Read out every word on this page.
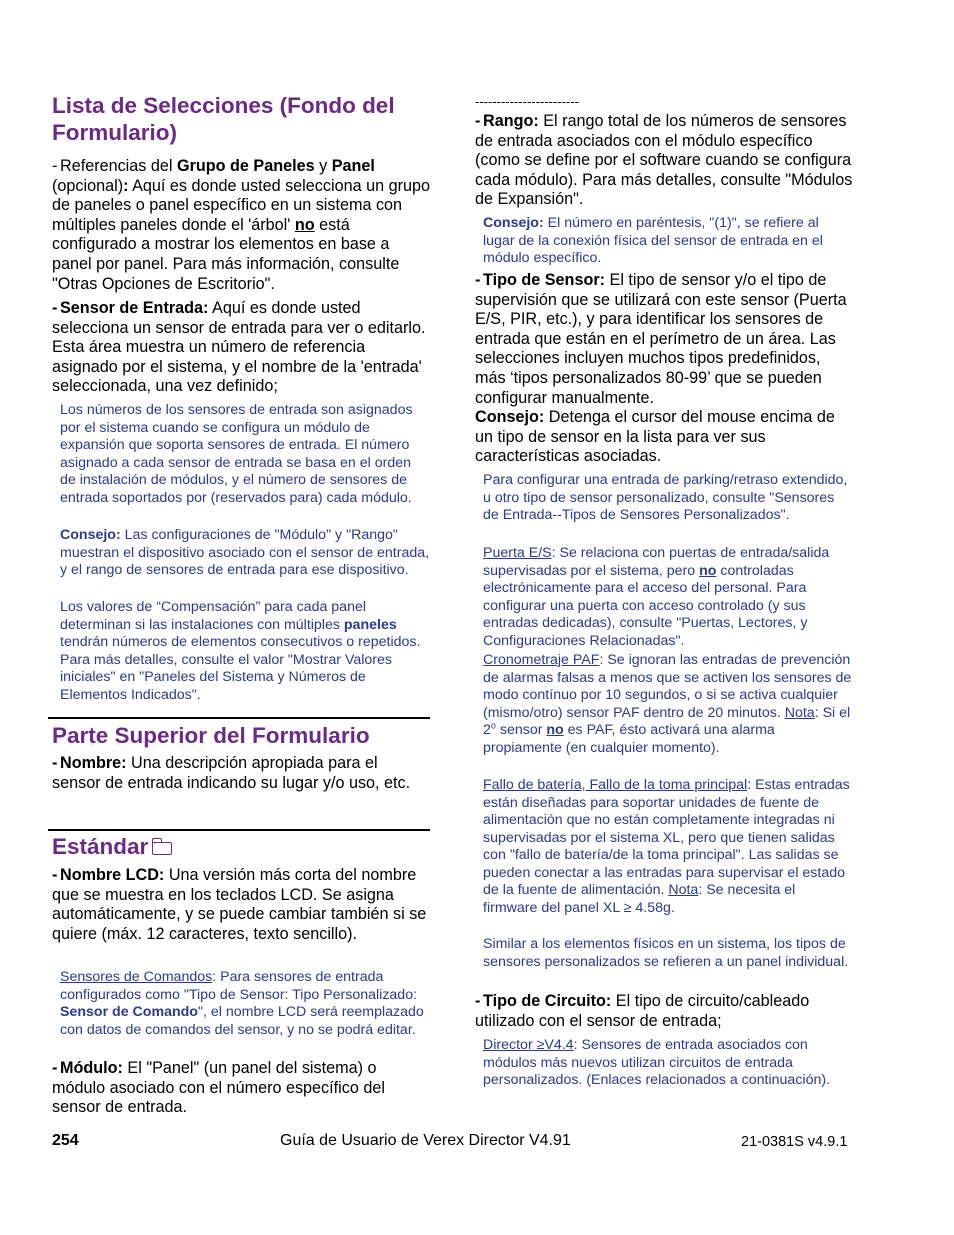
Lista de Selecciones (Fondo del Formulario)

- Referencias del Grupo de Paneles y Panel (opcional): Aquí es donde usted selecciona un grupo de paneles o panel específico en un sistema con múltiples paneles donde el 'árbol' no está configurado a mostrar los elementos en base a panel por panel. Para más información, consulte "Otras Opciones de Escritorio".

- Sensor de Entrada: Aquí es donde usted selecciona un sensor de entrada para ver o editarlo. Esta área muestra un número de referencia asignado por el sistema, y el nombre de la 'entrada' seleccionada, una vez definido;

Los números de los sensores de entrada son asignados por el sistema cuando se configura un módulo de expansión que soporta sensores de entrada. El número asignado a cada sensor de entrada se basa en el orden de instalación de módulos, y el número de sensores de entrada soportados por (reservados para) cada módulo.

Consejo: Las configuraciones de "Módulo" y "Rango" muestran el dispositivo asociado con el sensor de entrada, y el rango de sensores de entrada para ese dispositivo.

Los valores de “Compensación” para cada panel determinan si las instalaciones con múltiples paneles tendrán números de elementos consecutivos o repetidos. Para más detalles, consulte el valor "Mostrar Valores iniciales" en "Paneles del Sistema y Números de Elementos Indicados".

Parte Superior del Formulario

- Nombre: Una descripción apropiada para el sensor de entrada indicando su lugar y/o uso, etc.

Estándar

- Nombre LCD: Una versión más corta del nombre que se muestra en los teclados LCD. Se asigna automáticamente, y se puede cambiar también si se quiere (máx. 12 caracteres, texto sencillo).

Sensores de Comandos: Para sensores de entrada configurados como "Tipo de Sensor: Tipo Personalizado: Sensor de Comando", el nombre LCD será reemplazado con datos de comandos del sensor, y no se podrá editar.

- Módulo: El "Panel" (un panel del sistema) o módulo asociado con el número específico del sensor de entrada.

------------------------

- Rango: El rango total de los números de sensores de entrada asociados con el módulo específico (como se define por el software cuando se configura cada módulo). Para más detalles, consulte "Módulos de Expansión".

Consejo: El número en paréntesis, "(1)", se refiere al lugar de la conexión física del sensor de entrada en el módulo específico.

- Tipo de Sensor: El tipo de sensor y/o el tipo de supervisión que se utilizará con este sensor (Puerta E/S, PIR, etc.), y para identificar los sensores de entrada que están en el perímetro de un área. Las selecciones incluyen muchos tipos predefinidos, más ‘tipos personalizados 80-99’ que se pueden configurar manualmente.
Consejo: Detenga el cursor del mouse encima de un tipo de sensor en la lista para ver sus características asociadas.

Para configurar una entrada de parking/retraso extendido, u otro tipo de sensor personalizado, consulte "Sensores de Entrada--Tipos de Sensores Personalizados".

Puerta E/S: Se relaciona con puertas de entrada/salida supervisadas por el sistema, pero no controladas electrónicamente para el acceso del personal. Para configurar una puerta con acceso controlado (y sus entradas dedicadas), consulte "Puertas, Lectores, y Configuraciones Relacionadas".

Cronometraje PAF: Se ignoran las entradas de prevención de alarmas falsas a menos que se activen los sensores de modo contínuo por 10 segundos, o si se activa cualquier (mismo/otro) sensor PAF dentro de 20 minutos. Nota: Si el 2$^o$ sensor no es PAF, ésto activará una alarma propiamente (en cualquier momento).

Fallo de batería, Fallo de la toma principal: Estas entradas están diseñadas para soportar unidades de fuente de alimentación que no están completamente integradas ni supervisadas por el sistema XL, pero que tienen salidas con "fallo de batería/de la toma principal". Las salidas se pueden conectar a las entradas para supervisar el estado de la fuente de alimentación. Nota: Se necesita el firmware del panel XL ≥ 4.58g.

Similar a los elementos físicos en un sistema, los tipos de sensores personalizados se refieren a un panel individual.

- Tipo de Circuito: El tipo de circuito/cableado utilizado con el sensor de entrada;

Director ≥V4.4: Sensores de entrada asociados con módulos más nuevos utilizan circuitos de entrada personalizados. (Enlaces relacionados a continuación).

254	Guía de Usuario de Verex Director V4.91	21-0381S v4.9.1
